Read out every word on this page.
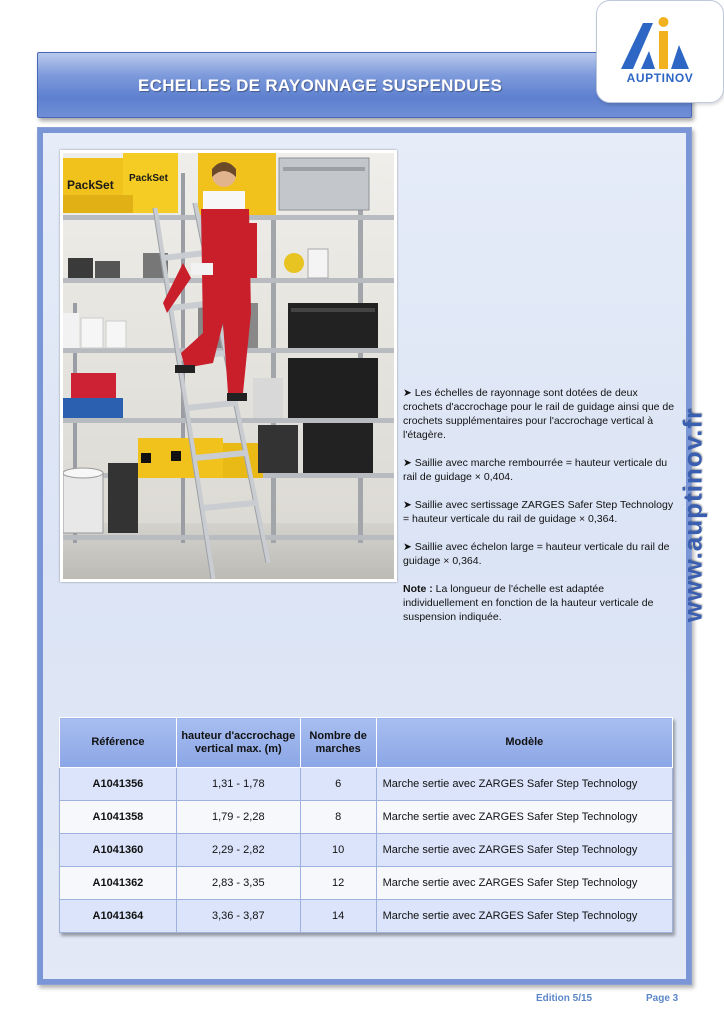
ECHELLES DE RAYONNAGE SUSPENDUES	AUPTINOV
PackSet PackSet

➤ Les échelles de rayonnage sont dotées de deux crochets d'accrochage pour le rail de guidage ainsi que de crochets supplémentaires pour l'accrochage vertical à l'étagère.

➤ Saillie avec marche rembourrée = hauteur verticale du rail de guidage × 0,404.

➤ Saillie avec sertissage ZARGES Safer Step Technology = hauteur verticale du rail de guidage × 0,364.

➤ Saillie avec échelon large = hauteur verticale du rail de guidage × 0,364.

Note : La longueur de l'échelle est adaptée individuellement en fonction de la hauteur verticale de suspension indiquée.	www.auptinov.fr
Référence	hauteur d'accrochage vertical max. (m)	Nombre de marches	Modèle
A1041356	1,31 - 1,78	6	Marche sertie avec ZARGES Safer Step Technology
A1041358	1,79 - 2,28	8	Marche sertie avec ZARGES Safer Step Technology
A1041360	2,29 - 2,82	10	Marche sertie avec ZARGES Safer Step Technology
A1041362	2,83 - 3,35	12	Marche sertie avec ZARGES Safer Step Technology
A1041364	3,36 - 3,87	14	Marche sertie avec ZARGES Safer Step Technology
Edition 5/15	Page 3
